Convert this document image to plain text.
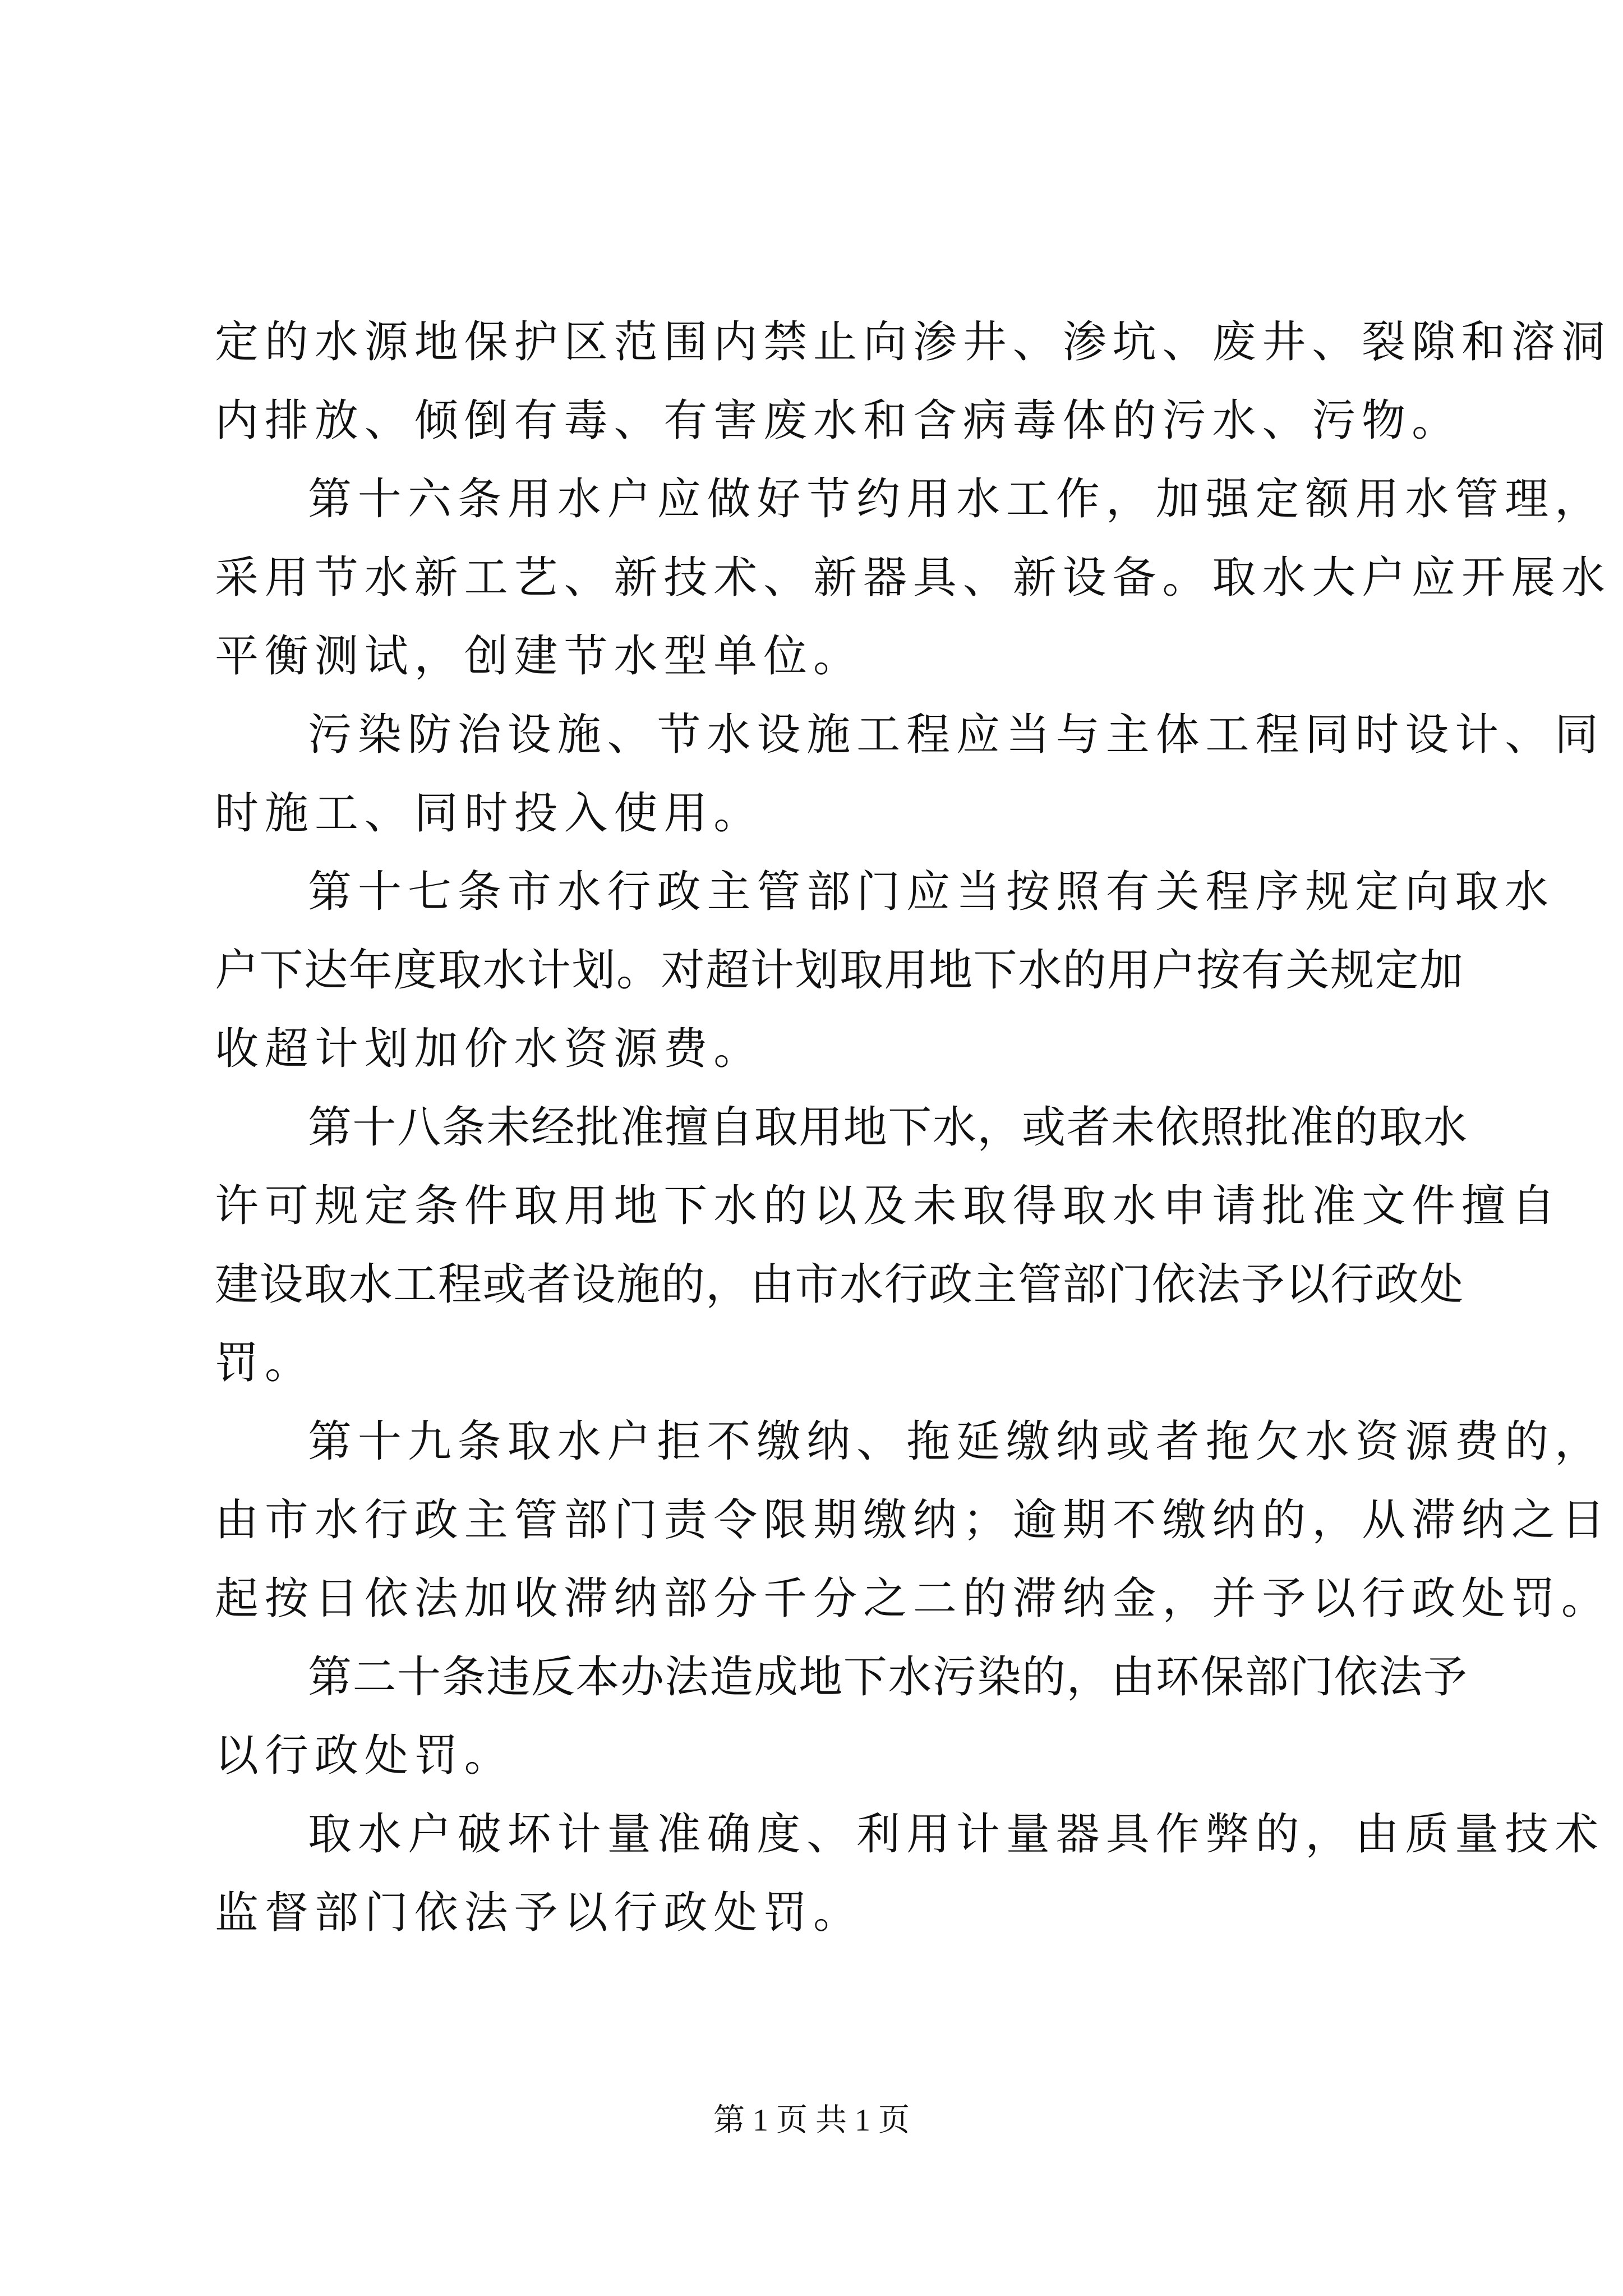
定的水源地保护区范围内禁止向渗井、渗坑、废井、裂隙和溶洞
内排放、倾倒有毒、有害废水和含病毒体的污水、污物。
第十六条用水户应做好节约用水工作，加强定额用水管理，
采用节水新工艺、新技术、新器具、新设备。取水大户应开展水
平衡测试，创建节水型单位。
污染防治设施、节水设施工程应当与主体工程同时设计、同
时施工、同时投入使用。
第十七条市水行政主管部门应当按照有关程序规定向取水
户下达年度取水计划。对超计划取用地下水的用户按有关规定加
收超计划加价水资源费。
第十八条未经批准擅自取用地下水，或者未依照批准的取水
许可规定条件取用地下水的以及未取得取水申请批准文件擅自
建设取水工程或者设施的，由市水行政主管部门依法予以行政处
罚。
第十九条取水户拒不缴纳、拖延缴纳或者拖欠水资源费的，
由市水行政主管部门责令限期缴纳；逾期不缴纳的，从滞纳之日
起按日依法加收滞纳部分千分之二的滞纳金，并予以行政处罚。
第二十条违反本办法造成地下水污染的，由环保部门依法予
以行政处罚。
取水户破坏计量准确度、利用计量器具作弊的，由质量技术
监督部门依法予以行政处罚。
第 1 页 共 1 页
